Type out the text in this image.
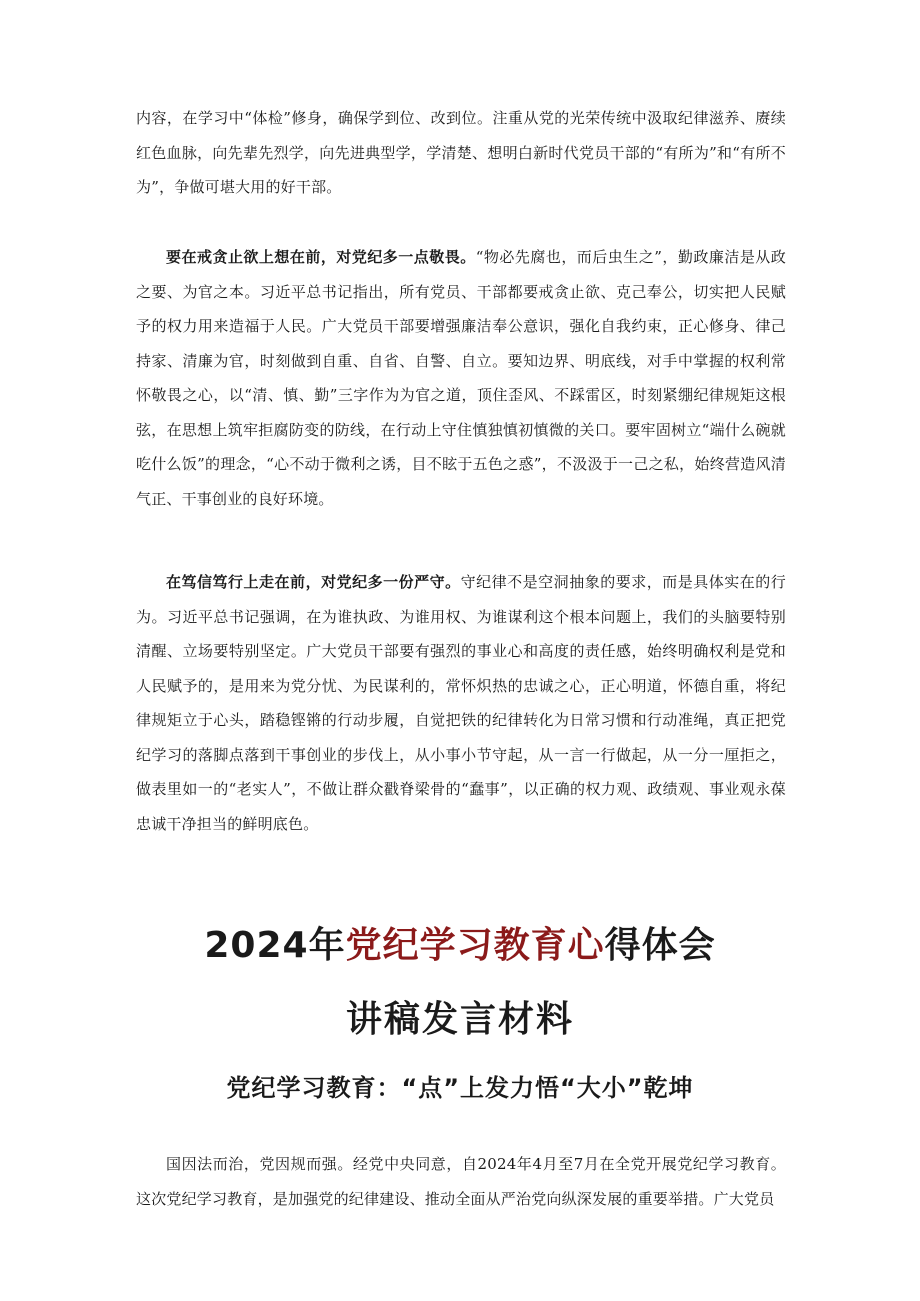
内容，在学习中“体检”修身，确保学到位、改到位。注重从党的光荣传统中汲取纪律滋养、赓续红色血脉，向先辈先烈学，向先进典型学，学清楚、想明白新时代党员干部的“有所为”和“有所不为”，争做可堪大用的好干部。

要在戒贪止欲上想在前，对党纪多一点敬畏。“物必先腐也，而后虫生之”，勤政廉洁是从政之要、为官之本。习近平总书记指出，所有党员、干部都要戒贪止欲、克己奉公，切实把人民赋予的权力用来造福于人民。广大党员干部要增强廉洁奉公意识，强化自我约束，正心修身、律己持家、清廉为官，时刻做到自重、自省、自警、自立。要知边界、明底线，对手中掌握的权利常怀敬畏之心，以“清、慎、勤”三字作为为官之道，顶住歪风、不踩雷区，时刻紧绷纪律规矩这根弦，在思想上筑牢拒腐防变的防线，在行动上守住慎独慎初慎微的关口。要牢固树立“端什么碗就吃什么饭”的理念，“心不动于微利之诱，目不眩于五色之惑”，不汲汲于一己之私，始终营造风清气正、干事创业的良好环境。

在笃信笃行上走在前，对党纪多一份严守。守纪律不是空洞抽象的要求，而是具体实在的行为。习近平总书记强调，在为谁执政、为谁用权、为谁谋利这个根本问题上，我们的头脑要特别清醒、立场要特别坚定。广大党员干部要有强烈的事业心和高度的责任感，始终明确权利是党和人民赋予的，是用来为党分忧、为民谋利的，常怀炽热的忠诚之心，正心明道，怀德自重，将纪律规矩立于心头，踏稳铿锵的行动步履，自觉把铁的纪律转化为日常习惯和行动准绳，真正把党纪学习的落脚点落到干事创业的步伐上，从小事小节守起，从一言一行做起，从一分一厘拒之，做表里如一的“老实人”，不做让群众戳脊梁骨的“蠢事”，以正确的权力观、政绩观、事业观永葆忠诚干净担当的鲜明底色。

2024年党纪学习教育心得体会
讲稿发言材料
党纪学习教育：“点”上发力悟“大小”乾坤

国因法而治，党因规而强。经党中央同意，自2024年4月至7月在全党开展党纪学习教育。这次党纪学习教育，是加强党的纪律建设、推动全面从严治党向纵深发展的重要举措。广大党员
